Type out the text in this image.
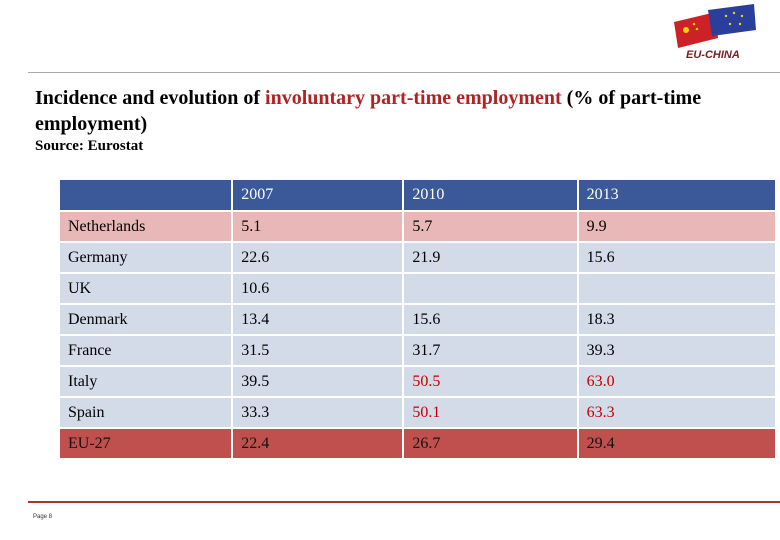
EU-CHINA
Incidence and evolution of involuntary part-time employment (% of part-time employment)
Source: Eurostat
	2007	2010	2013
Netherlands	5.1	5.7	9.9
Germany	22.6	21.9	15.6
UK	10.6		
Denmark	13.4	15.6	18.3
France	31.5	31.7	39.3
Italy	39.5	50.5	63.0
Spain	33.3	50.1	63.3
EU-27	22.4	26.7	29.4
Page 8
